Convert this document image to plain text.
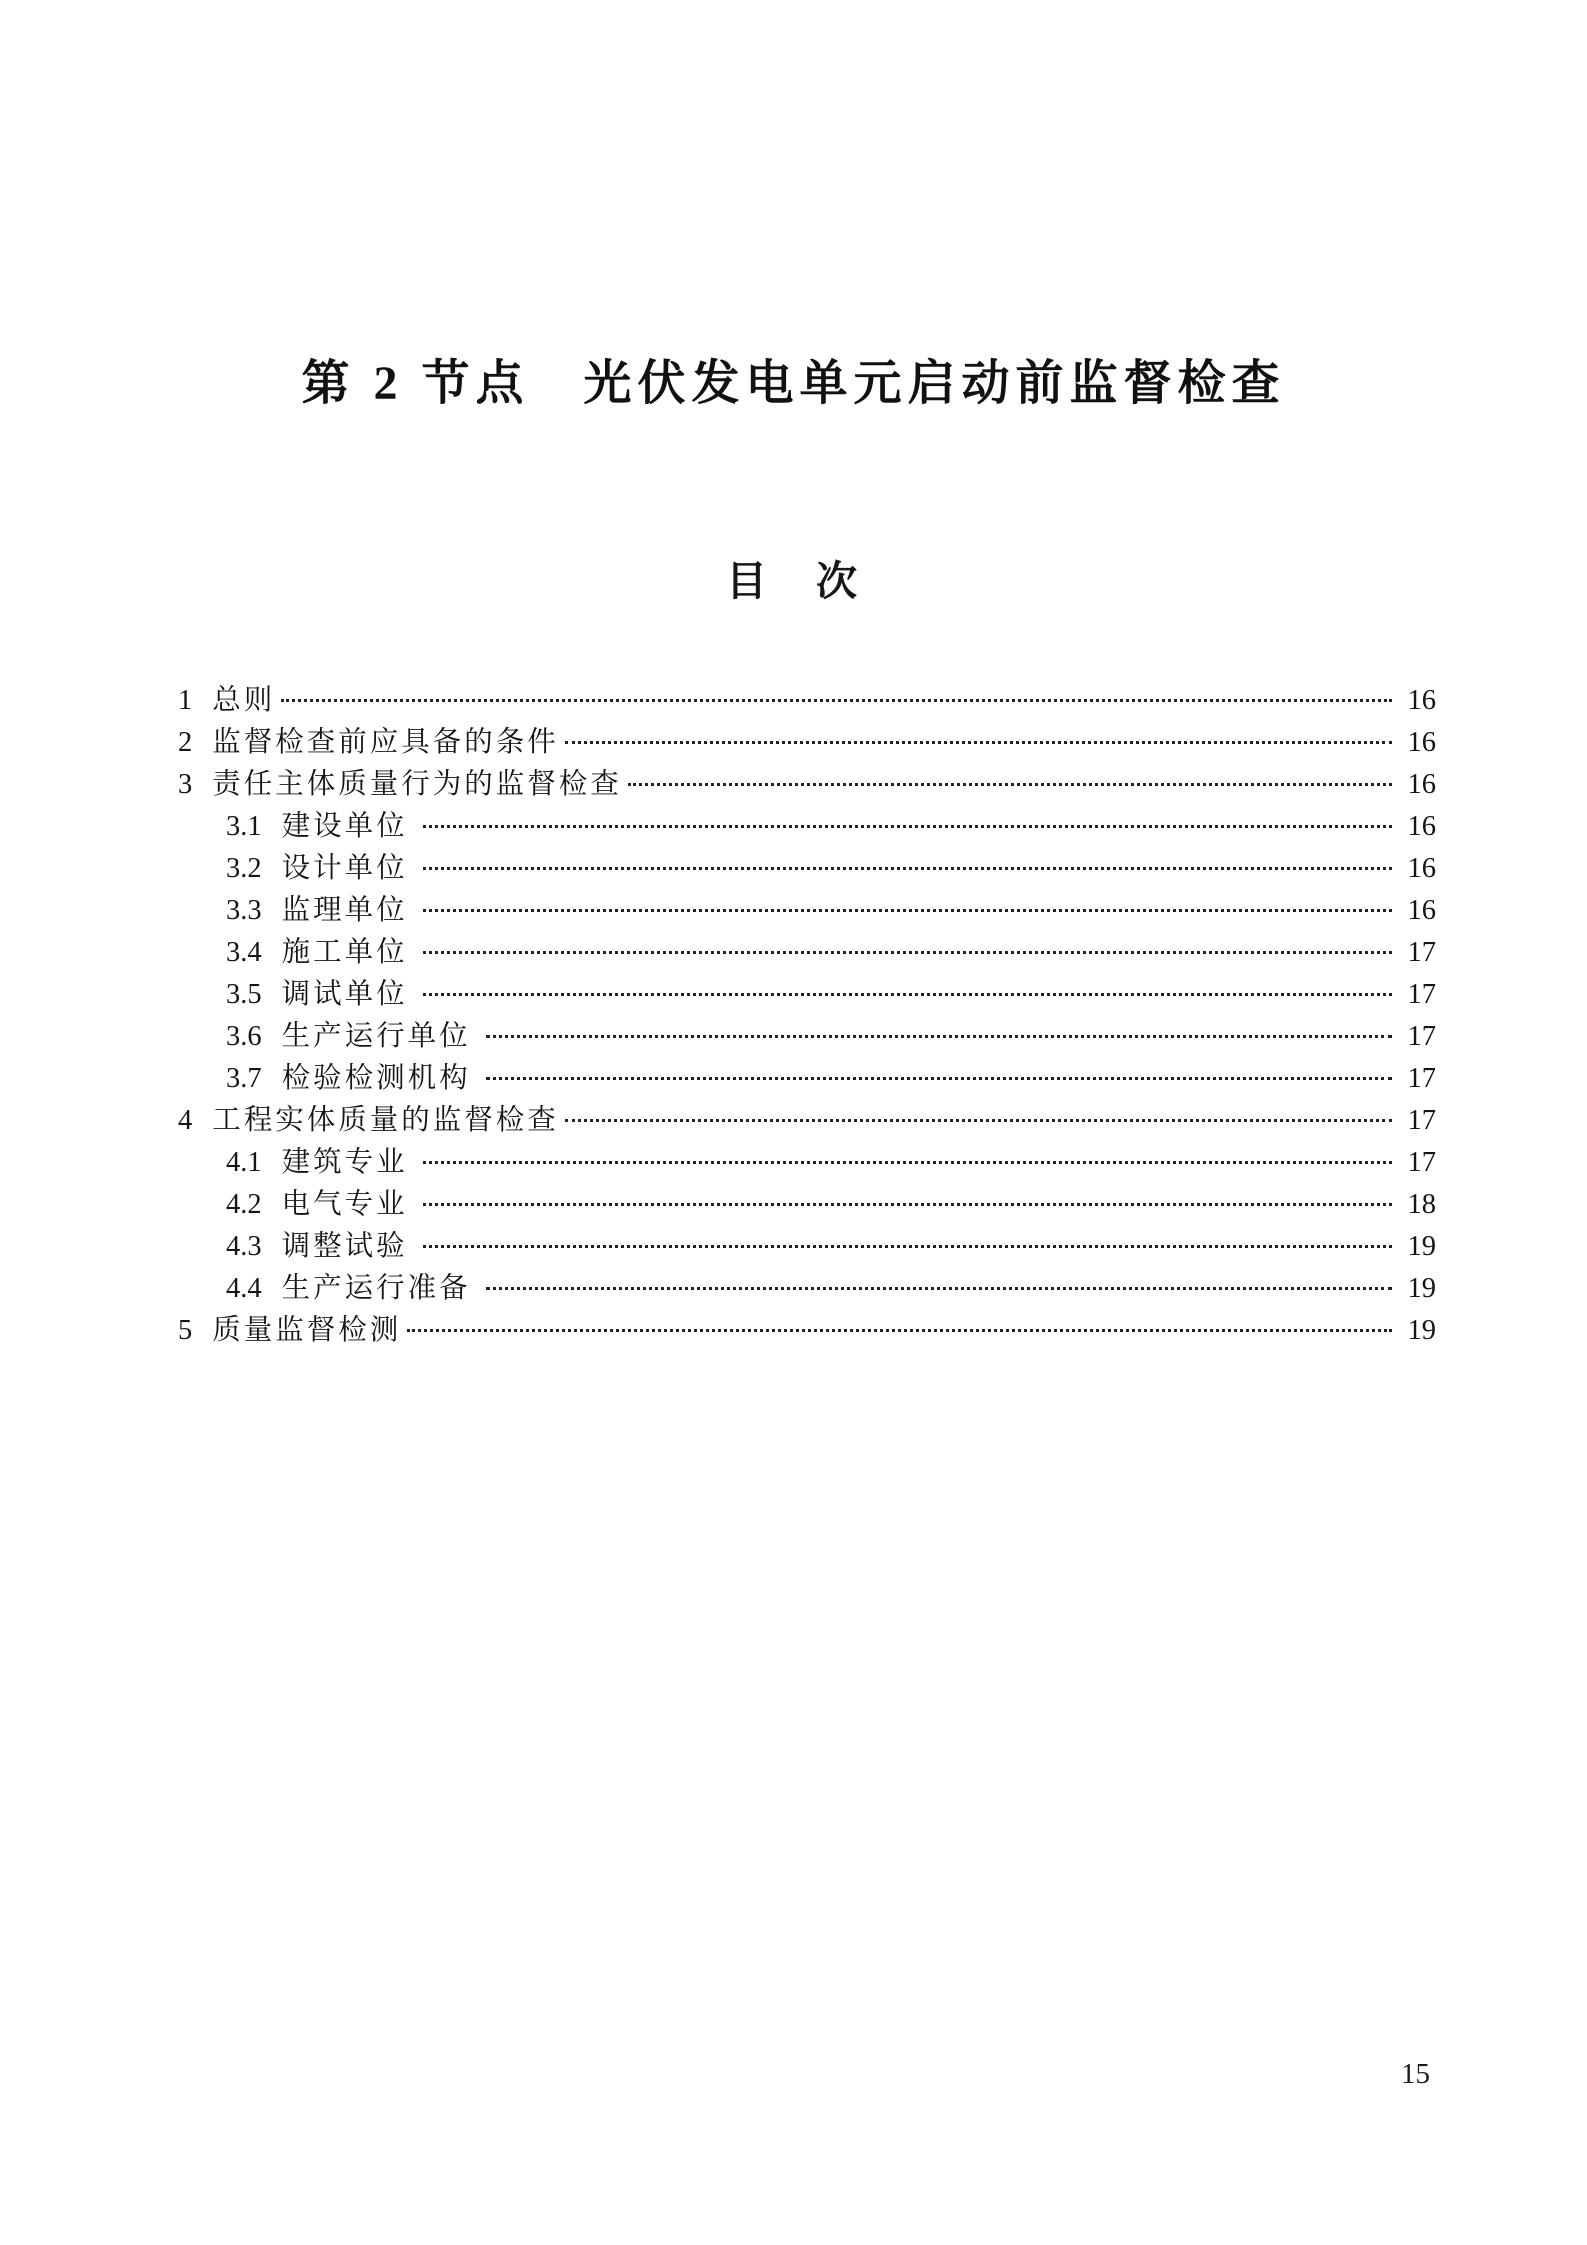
第 2 节点　光伏发电单元启动前监督检查
目　次
1 总则	16
2 监督检查前应具备的条件	16
3 责任主体质量行为的监督检查	16
3.1 建设单位	16
3.2 设计单位	16
3.3 监理单位	16
3.4 施工单位	17
3.5 调试单位	17
3.6 生产运行单位	17
3.7 检验检测机构	17
4 工程实体质量的监督检查	17
4.1 建筑专业	17
4.2 电气专业	18
4.3 调整试验	19
4.4 生产运行准备	19
5 质量监督检测	19
15
